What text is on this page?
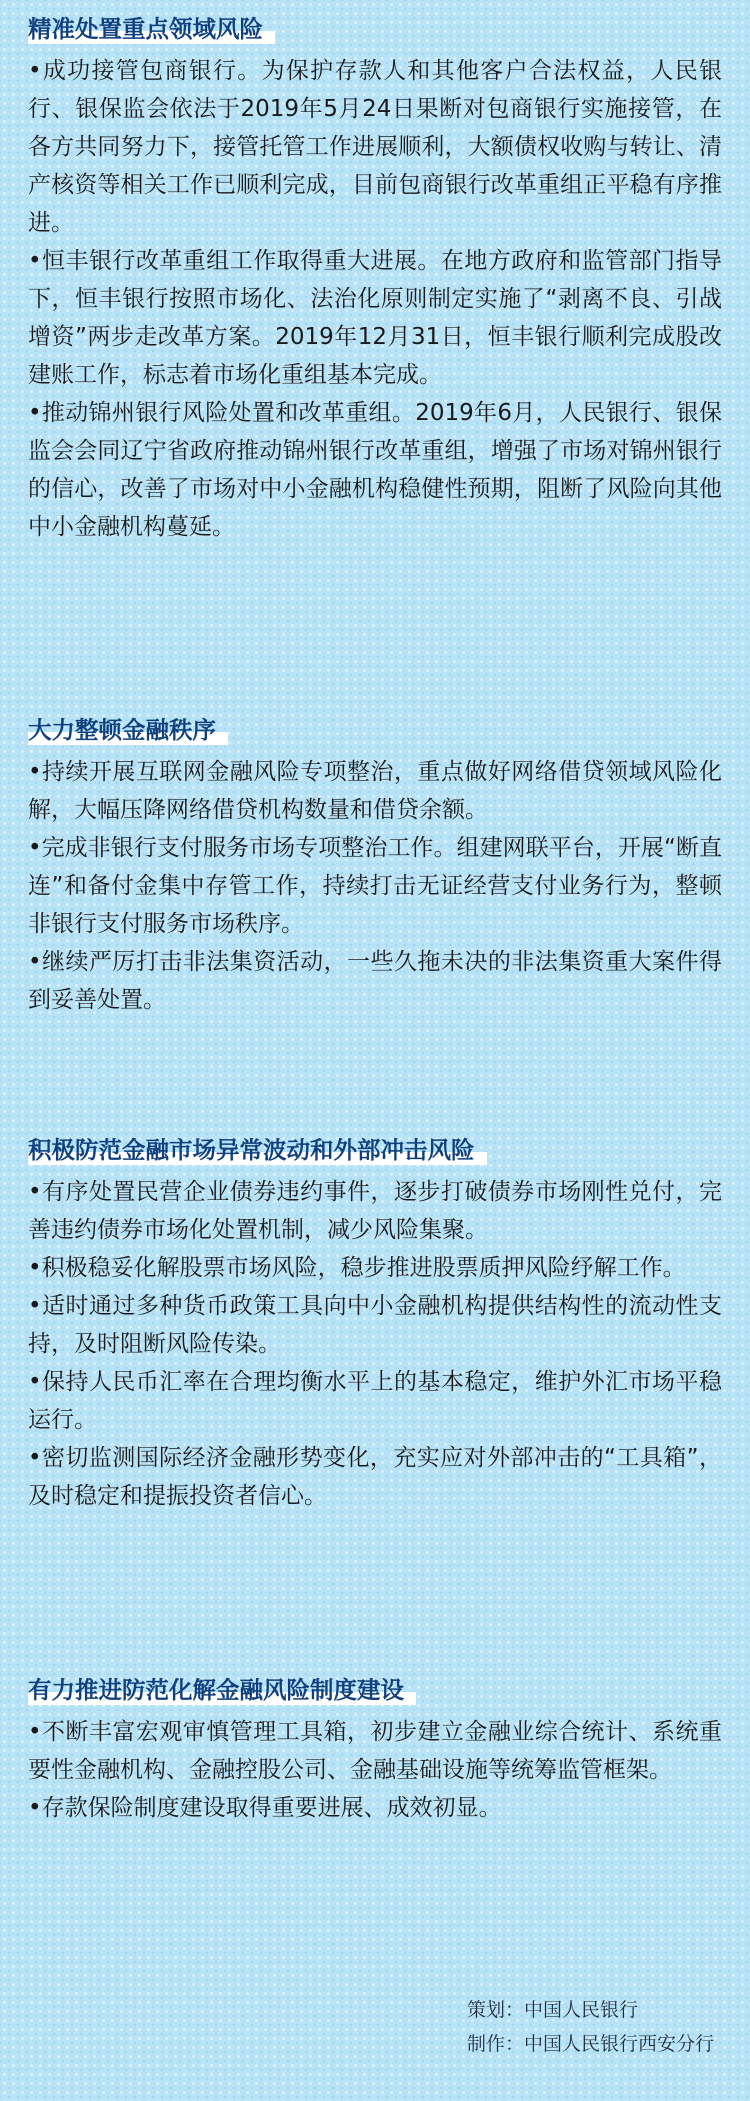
精准处置重点领域风险
•成功接管包商银行。为保护存款人和其他客户合法权益，人民银行、银保监会依法于2019年5月24日果断对包商银行实施接管，在各方共同努力下，接管托管工作进展顺利，大额债权收购与转让、清产核资等相关工作已顺利完成，目前包商银行改革重组正平稳有序推进。
•恒丰银行改革重组工作取得重大进展。在地方政府和监管部门指导下，恒丰银行按照市场化、法治化原则制定实施了“剥离不良、引战增资”两步走改革方案。2019年12月31日，恒丰银行顺利完成股改建账工作，标志着市场化重组基本完成。
•推动锦州银行风险处置和改革重组。2019年6月，人民银行、银保监会会同辽宁省政府推动锦州银行改革重组，增强了市场对锦州银行的信心，改善了市场对中小金融机构稳健性预期，阻断了风险向其他中小金融机构蔓延。
大力整顿金融秩序
•持续开展互联网金融风险专项整治，重点做好网络借贷领域风险化解，大幅压降网络借贷机构数量和借贷余额。
•完成非银行支付服务市场专项整治工作。组建网联平台，开展“断直连”和备付金集中存管工作，持续打击无证经营支付业务行为，整顿非银行支付服务市场秩序。
•继续严厉打击非法集资活动，一些久拖未决的非法集资重大案件得到妥善处置。
积极防范金融市场异常波动和外部冲击风险
•有序处置民营企业债券违约事件，逐步打破债券市场刚性兑付，完善违约债券市场化处置机制，减少风险集聚。
•积极稳妥化解股票市场风险，稳步推进股票质押风险纾解工作。
•适时通过多种货币政策工具向中小金融机构提供结构性的流动性支持，及时阻断风险传染。
•保持人民币汇率在合理均衡水平上的基本稳定，维护外汇市场平稳运行。
•密切监测国际经济金融形势变化，充实应对外部冲击的“工具箱”，及时稳定和提振投资者信心。
有力推进防范化解金融风险制度建设
•不断丰富宏观审慎管理工具箱，初步建立金融业综合统计、系统重要性金融机构、金融控股公司、金融基础设施等统筹监管框架。
•存款保险制度建设取得重要进展、成效初显。
策划：中国人民银行
制作：中国人民银行西安分行
